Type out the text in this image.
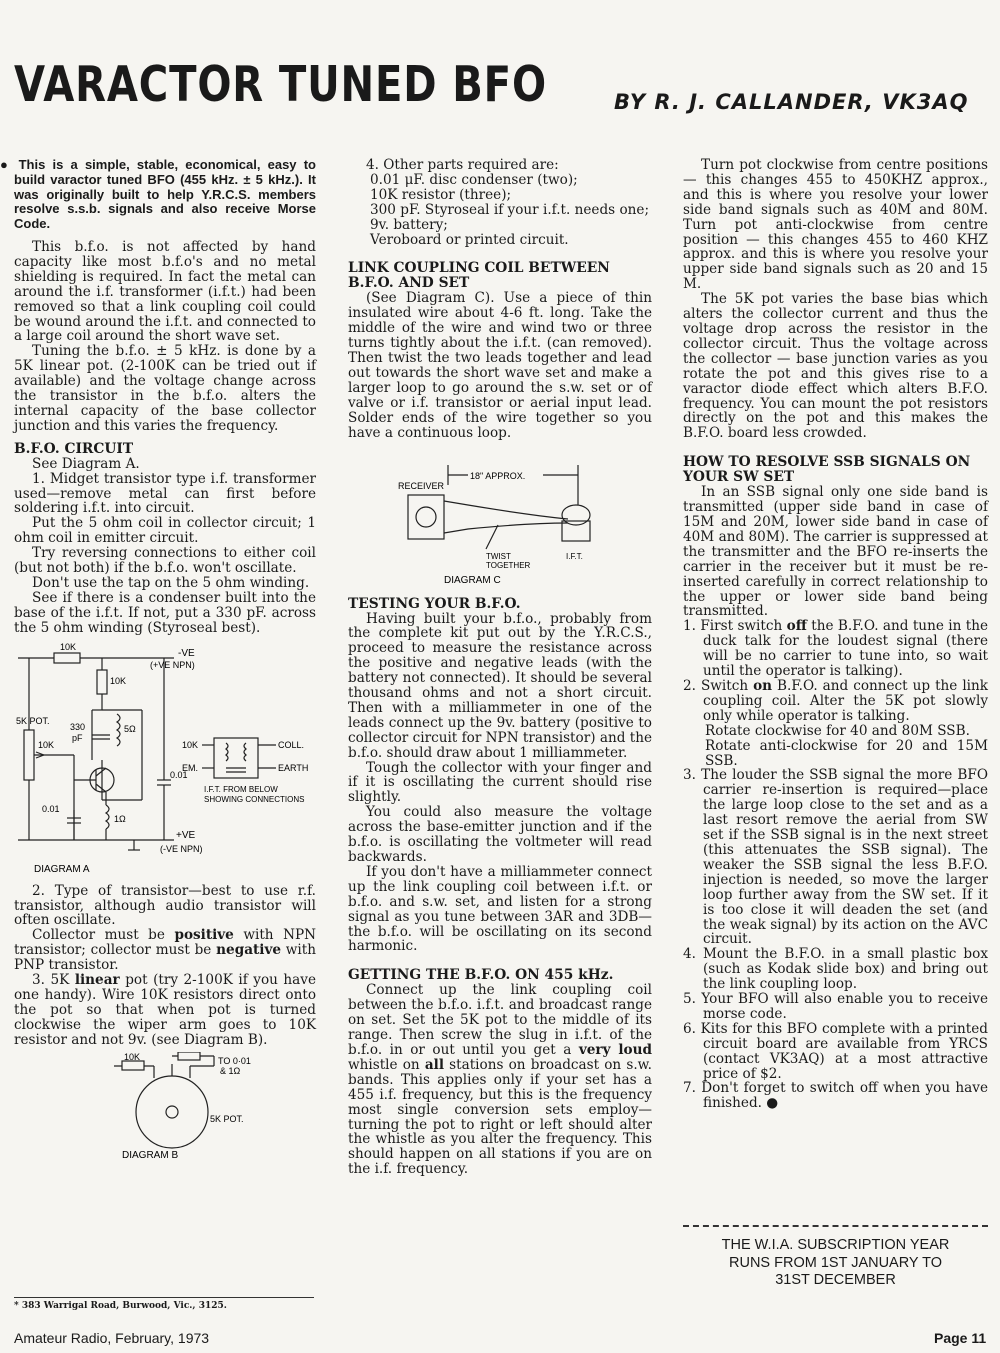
VARACTOR TUNED BFO	BY R. J. CALLANDER, VK3AQ

● This is a simple, stable, economical, easy to build varactor tuned BFO (455 kHz. ± 5 kHz.). It was originally built to help Y.R.C.S. members resolve s.s.b. signals and also receive Morse Code.

This b.f.o. is not affected by hand capacity like most b.f.o's and no metal shielding is required. In fact the metal can around the i.f. transformer (i.f.t.) had been removed so that a link coupling coil could be wound around the i.f.t. and connected to a large coil around the short wave set.

Tuning the b.f.o. ± 5 kHz. is done by a 5K linear pot. (2-100K can be tried out if available) and the voltage change across the transistor in the b.f.o. alters the internal capacity of the base collector junction and this varies the frequency.

B.F.O. CIRCUIT

See Diagram A.

1. Midget transistor type i.f. transformer used—remove metal can first before soldering i.f.t. into circuit.

Put the 5 ohm coil in collector circuit; 1 ohm coil in emitter circuit.

Try reversing connections to either coil (but not both) if the b.f.o. won't oscillate.

Don't use the tap on the 5 ohm winding.

See if there is a condenser built into the base of the i.f.t. If not, put a 330 pF. across the 5 ohm winding (Styroseal best).

10K
-VE
(+VE NPN)
10K
5K POT.
10K
330
pF
5Ω
0.01
0.01
1Ω
+VE
(-VE NPN)
10K
EM.
COLL.
EARTH
I.F.T. FROM BELOW
SHOWING CONNECTIONS
DIAGRAM A

2. Type of transistor—best to use r.f. transistor, although audio transistor will often oscillate.

Collector must be positive with NPN transistor; collector must be negative with PNP transistor.

3. 5K linear pot (try 2-100K if you have one handy). Wire 10K resistors direct onto the pot so that when pot is turned clockwise the wiper arm goes to 10K resistor and not 9v. (see Diagram B).

10K	TO 0·01
& 1Ω
5K POT.
DIAGRAM B

4. Other parts required are:

0.01 μF. disc condenser (two);

10K resistor (three);

300 pF. Styroseal if your i.f.t. needs one;

9v. battery;

Veroboard or printed circuit.

LINK COUPLING COIL BETWEEN B.F.O. AND SET

(See Diagram C). Use a piece of thin insulated wire about 4-6 ft. long. Take the middle of the wire and wind two or three turns tightly about the i.f.t. (can removed). Then twist the two leads together and lead out towards the short wave set and make a larger loop to go around the s.w. set or of valve or i.f. transistor or aerial input lead. Solder ends of the wire together so you have a continuous loop.

18" APPROX.
RECEIVER
TWIST
TOGETHER
I.F.T.
DIAGRAM C
TESTING YOUR B.F.O.

Having built your b.f.o., probably from the complete kit put out by the Y.R.C.S., proceed to measure the resistance across the positive and negative leads (with the battery not connected). It should be several thousand ohms and not a short circuit. Then with a milliammeter in one of the leads connect up the 9v. battery (positive to collector circuit for NPN transistor) and the b.f.o. should draw about 1 milliammeter.

Tough the collector with your finger and if it is oscillating the current should rise slightly.

You could also measure the voltage across the base-emitter junction and if the b.f.o. is oscillating the voltmeter will read backwards.

If you don't have a milliammeter connect up the link coupling coil between i.f.t. or b.f.o. and s.w. set, and listen for a strong signal as you tune between 3AR and 3DB—the b.f.o. will be oscillating on its second harmonic.

GETTING THE B.F.O. ON 455 kHz.

Connect up the link coupling coil between the b.f.o. i.f.t. and broadcast range on set. Set the 5K pot to the middle of its range. Then screw the slug in i.f.t. of the b.f.o. in or out until you get a very loud whistle on all stations on broadcast on s.w. bands. This applies only if your set has a 455 i.f. frequency, but this is the frequency most single conversion sets employ—turning the pot to right or left should alter the whistle as you alter the frequency. This should happen on all stations if you are on the i.f. frequency.

Turn pot clockwise from centre positions — this changes 455 to 450KHZ approx., and this is where you resolve your lower side band signals such as 40M and 80M. Turn pot anti-clockwise from centre position — this changes 455 to 460 KHZ approx. and this is where you resolve your upper side band signals such as 20 and 15 M.

The 5K pot varies the base bias which alters the collector current and thus the voltage drop across the resistor in the collector circuit. Thus the voltage across the collector — base junction varies as you rotate the pot and this gives rise to a varactor diode effect which alters B.F.O. frequency. You can mount the pot resistors directly on the pot and this makes the B.F.O. board less crowded.

HOW TO RESOLVE SSB SIGNALS ON YOUR SW SET

In an SSB signal only one side band is transmitted (upper side band in case of 15M and 20M, lower side band in case of 40M and 80M). The carrier is suppressed at the transmitter and the BFO re-inserts the carrier in the receiver but it must be re-inserted carefully in correct relationship to the upper or lower side band being transmitted.

1. First switch off the B.F.O. and tune in the duck talk for the loudest signal (there will be no carrier to tune into, so wait until the operator is talking).

2. Switch on B.F.O. and connect up the link coupling coil. Alter the 5K pot slowly only while operator is talking.

Rotate clockwise for 40 and 80M SSB.

Rotate anti-clockwise for 20 and 15M SSB.

3. The louder the SSB signal the more BFO carrier re-insertion is required—place the large loop close to the set and as a last resort remove the aerial from SW set if the SSB signal is in the next street (this attenuates the SSB signal). The weaker the SSB signal the less B.F.O. injection is needed, so move the larger loop further away from the SW set. If it is too close it will deaden the set (and the weak signal) by its action on the AVC circuit.

4. Mount the B.F.O. in a small plastic box (such as Kodak slide box) and bring out the link coupling loop.

5. Your BFO will also enable you to receive morse code.

6. Kits for this BFO complete with a printed circuit board are available from YRCS (contact VK3AQ) at a most attractive price of $2.

7. Don't forget to switch off when you have finished. ●

THE W.I.A. SUBSCRIPTION YEAR
RUNS FROM 1ST JANUARY TO
31ST DECEMBER
* 383 Warrigal Road, Burwood, Vic., 3125.
Amateur Radio, February, 1973	Page 11
